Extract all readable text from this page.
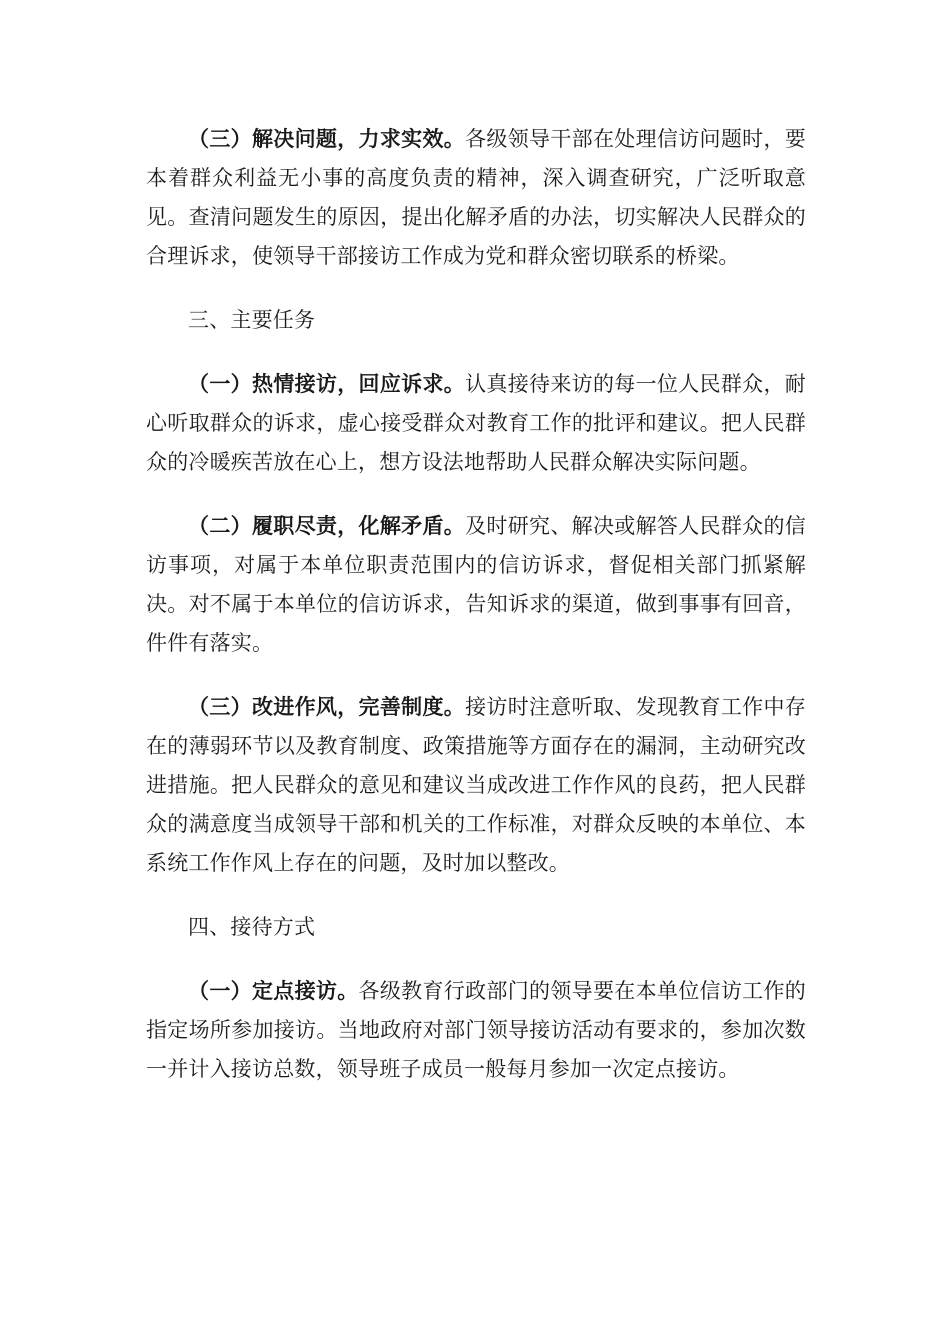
（三）解决问题，力求实效。各级领导干部在处理信访问题时，要本着群众利益无小事的高度负责的精神，深入调查研究，广泛听取意见。查清问题发生的原因，提出化解矛盾的办法，切实解决人民群众的合理诉求，使领导干部接访工作成为党和群众密切联系的桥梁。

三、主要任务

（一）热情接访，回应诉求。认真接待来访的每一位人民群众，耐心听取群众的诉求，虚心接受群众对教育工作的批评和建议。把人民群众的冷暖疾苦放在心上，想方设法地帮助人民群众解决实际问题。

（二）履职尽责，化解矛盾。及时研究、解决或解答人民群众的信访事项，对属于本单位职责范围内的信访诉求，督促相关部门抓紧解决。对不属于本单位的信访诉求，告知诉求的渠道，做到事事有回音，件件有落实。

（三）改进作风，完善制度。接访时注意听取、发现教育工作中存在的薄弱环节以及教育制度、政策措施等方面存在的漏洞，主动研究改进措施。把人民群众的意见和建议当成改进工作作风的良药，把人民群众的满意度当成领导干部和机关的工作标准，对群众反映的本单位、本系统工作作风上存在的问题，及时加以整改。

四、接待方式

（一）定点接访。各级教育行政部门的领导要在本单位信访工作的指定场所参加接访。当地政府对部门领导接访活动有要求的，参加次数一并计入接访总数，领导班子成员一般每月参加一次定点接访。
